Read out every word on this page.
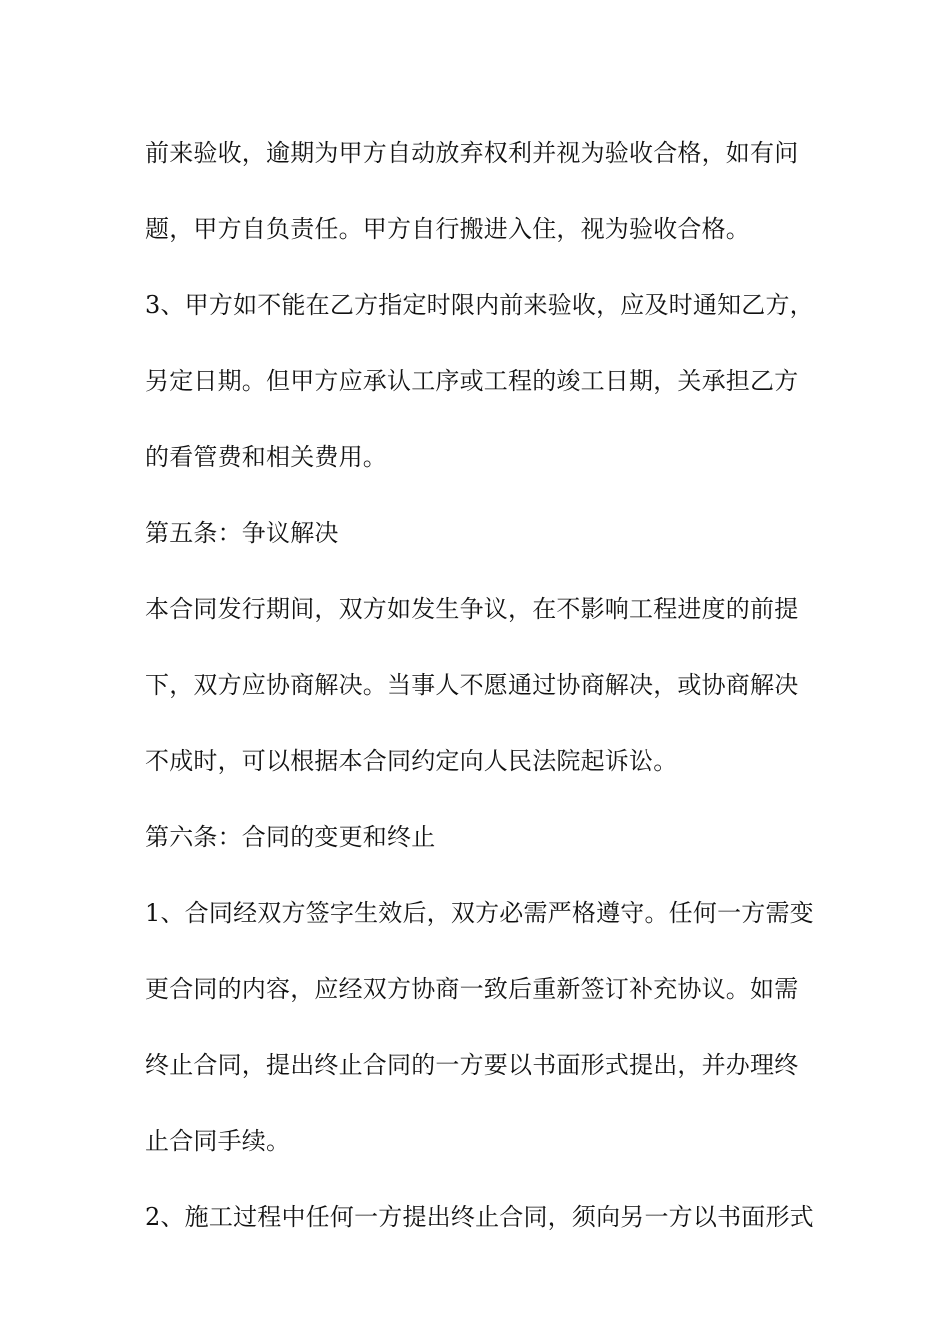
前来验收，逾期为甲方自动放弃权利并视为验收合格，如有问
题，甲方自负责任。甲方自行搬进入住，视为验收合格。
3、甲方如不能在乙方指定时限内前来验收，应及时通知乙方，
另定日期。但甲方应承认工序或工程的竣工日期，关承担乙方
的看管费和相关费用。
第五条：争议解决
本合同发行期间，双方如发生争议，在不影响工程进度的前提
下，双方应协商解决。当事人不愿通过协商解决，或协商解决
不成时，可以根据本合同约定向人民法院起诉讼。
第六条：合同的变更和终止
1、合同经双方签字生效后，双方必需严格遵守。任何一方需变
更合同的内容，应经双方协商一致后重新签订补充协议。如需
终止合同，提出终止合同的一方要以书面形式提出，并办理终
止合同手续。
2、施工过程中任何一方提出终止合同，须向另一方以书面形式
